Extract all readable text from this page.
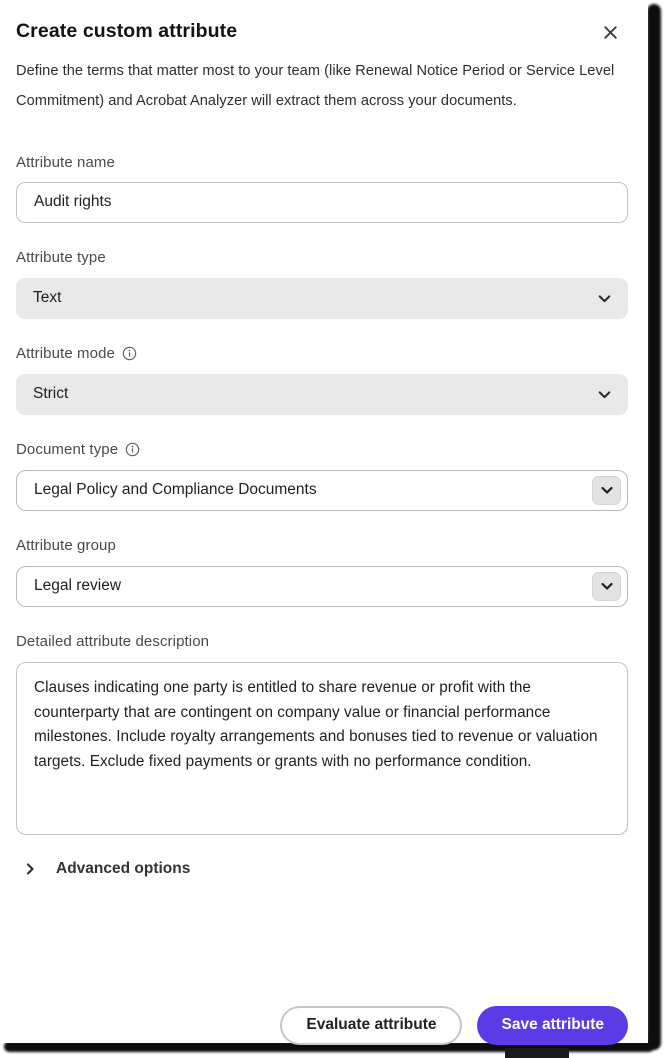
Create custom attribute

Define the terms that matter most to your team (like Renewal Notice Period or Service Level Commitment) and Acrobat Analyzer will extract them across your documents.

Attribute name
Audit rights
Attribute type
Text
Attribute mode
Strict
Document type
Legal Policy and Compliance Documents
Attribute group
Legal review
Detailed attribute description
Clauses indicating one party is entitled to share revenue or profit with the counterparty that are contingent on company value or financial performance milestones. Include royalty arrangements and bonuses tied to revenue or valuation targets. Exclude fixed payments or grants with no performance condition.
Advanced options
Evaluate attribute	Save attribute
